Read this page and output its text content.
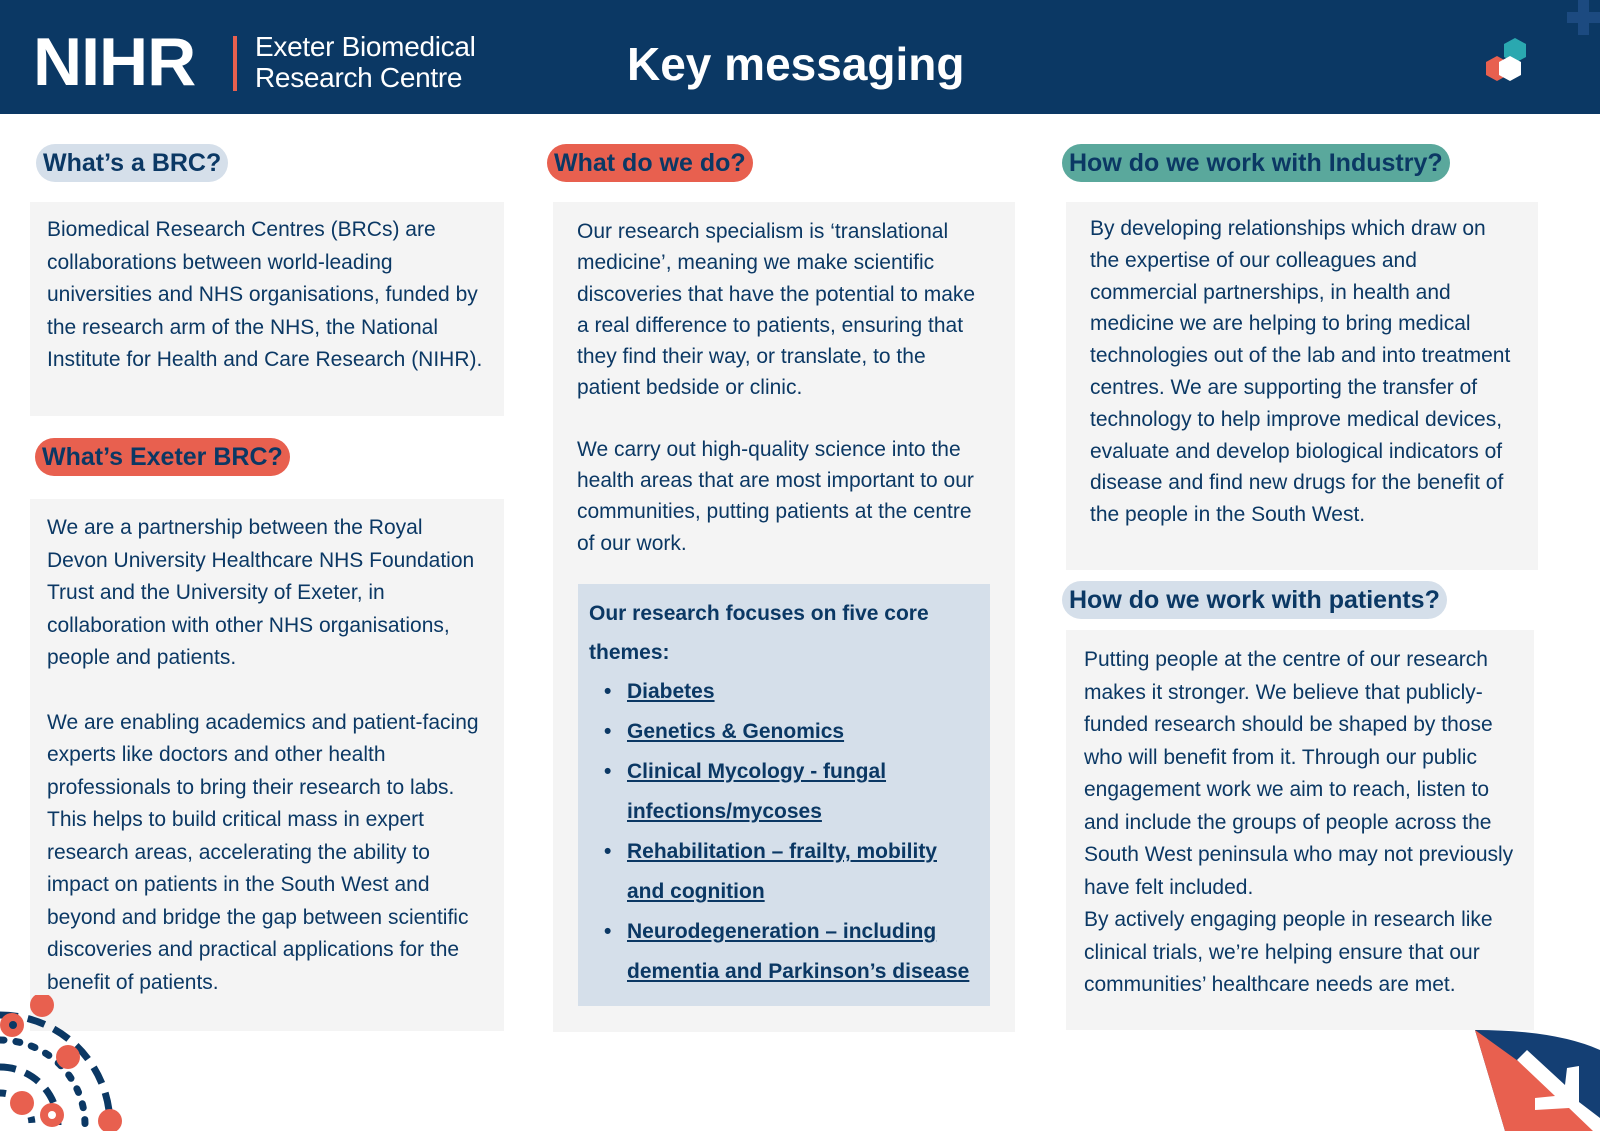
NIHR Exeter Biomedical
Research Centre	Key messaging
What’s a BRC?

Biomedical Research Centres (BRCs) are collaborations between world-leading universities and NHS organisations, funded by the research arm of the NHS, the National Institute for Health and Care Research (NIHR).

What’s Exeter BRC?

We are a partnership between the Royal Devon University Healthcare NHS Foundation Trust and the University of Exeter, in collaboration with other NHS organisations, people and patients.

We are enabling academics and patient-facing experts like doctors and other health professionals to bring their research to labs. This helps to build critical mass in expert research areas, accelerating the ability to impact on patients in the South West and beyond and bridge the gap between scientific discoveries and practical applications for the benefit of patients.

What do we do?

Our research specialism is ‘translational medicine’, meaning we make scientific discoveries that have the potential to make a real difference to patients, ensuring that they find their way, or translate, to the patient bedside or clinic.

We carry out high-quality science into the health areas that are most important to our communities, putting patients at the centre of our work.

Our research focuses on five core themes:
• Diabetes
• Genetics & Genomics
• Clinical Mycology - fungal infections/mycoses
• Rehabilitation – frailty, mobility and cognition
• Neurodegeneration – including dementia and Parkinson’s disease
How do we work with Industry?

By developing relationships which draw on the expertise of our colleagues and commercial partnerships, in health and medicine we are helping to bring medical technologies out of the lab and into treatment centres. We are supporting the transfer of technology to help improve medical devices, evaluate and develop biological indicators of disease and find new drugs for the benefit of the people in the South West.

How do we work with patients?

Putting people at the centre of our research makes it stronger. We believe that publicly-funded research should be shaped by those who will benefit from it. Through our public engagement work we aim to reach, listen to and include the groups of people across the South West peninsula who may not previously have felt included.

By actively engaging people in research like clinical trials, we’re helping ensure that our communities’ healthcare needs are met.
